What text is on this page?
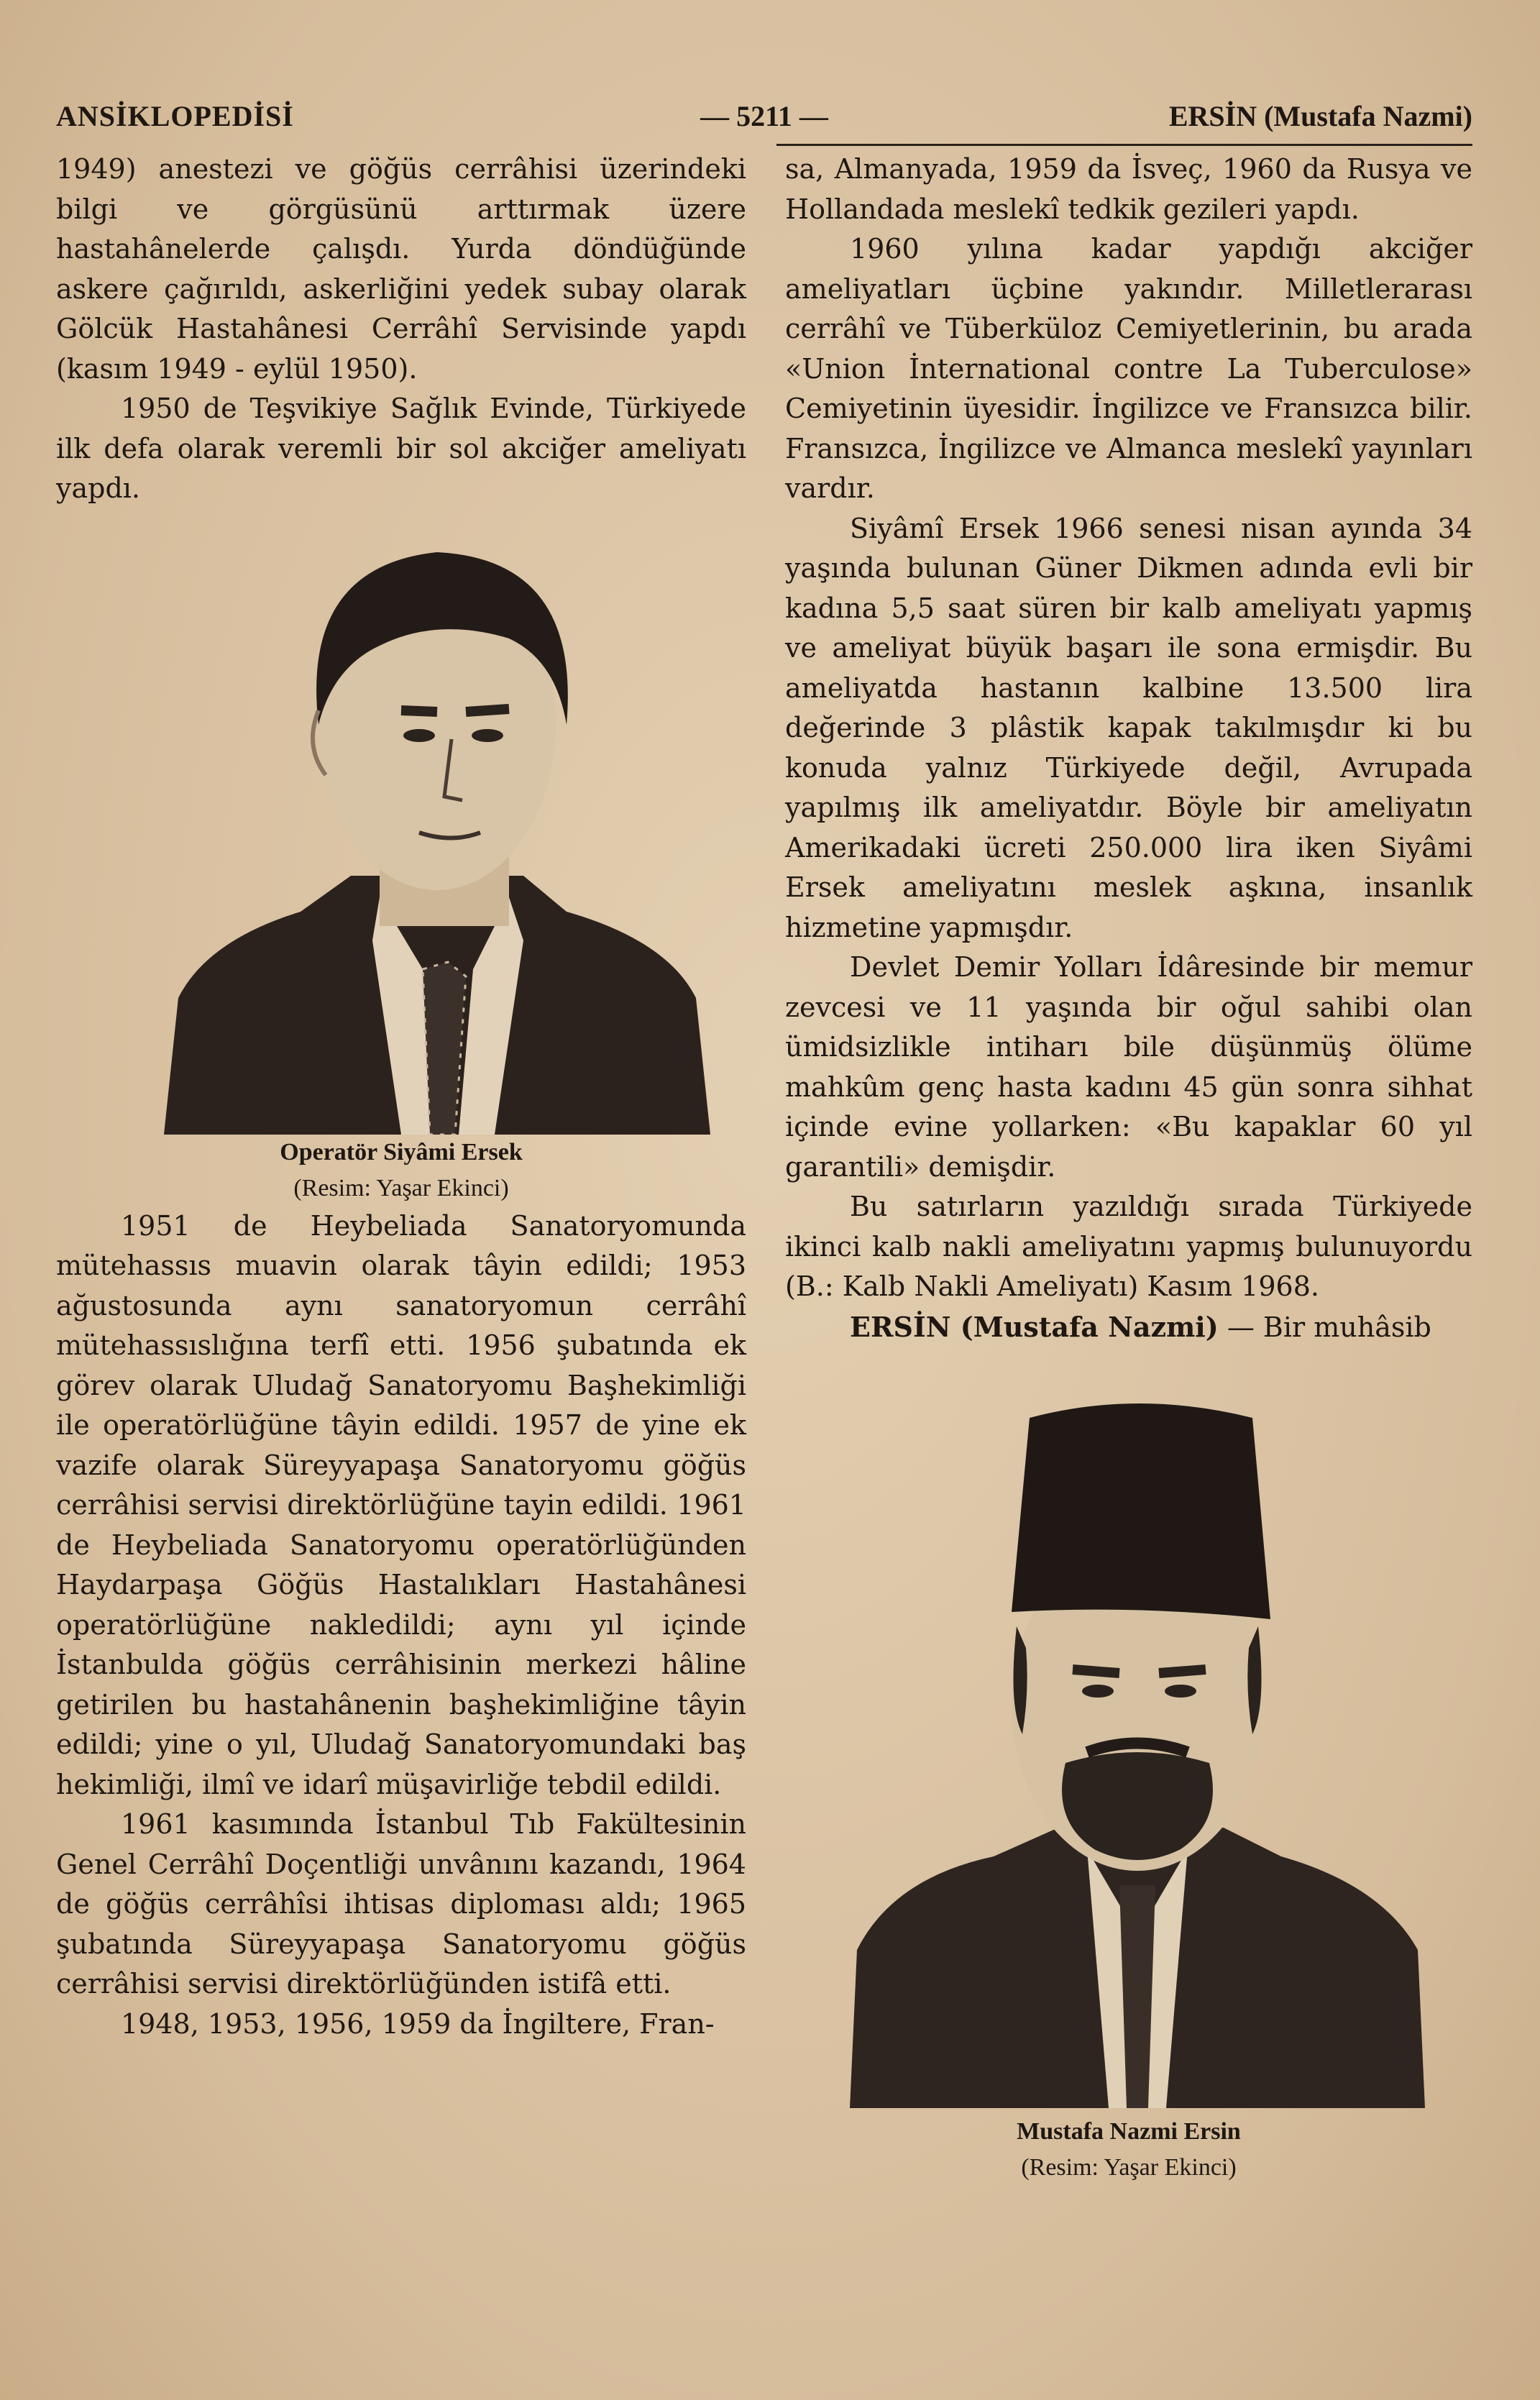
ANSİKLOPEDİSİ	— 5211 —	ERSİN (Mustafa Nazmi)

1949) anestezi ve göğüs cerrâhisi üzerindeki bilgi ve görgüsünü arttırmak üzere hastahânelerde çalışdı. Yurda döndüğünde askere çağırıldı, askerliğini yedek subay olarak Gölcük Hastahânesi Cerrâhî Servisinde yapdı (kasım 1949 - eylül 1950).

1950 de Teşvikiye Sağlık Evinde, Türkiyede ilk defa olarak veremli bir sol akciğer ameliyatı yapdı.

Operatör Siyâmi Ersek
(Resim: Yaşar Ekinci)

1951 de Heybeliada Sanatoryomunda mütehassıs muavin olarak tâyin edildi; 1953 ağustosunda aynı sanatoryomun cerrâhî mütehassıslığına terfî etti. 1956 şubatında ek görev olarak Uludağ Sanatoryomu Başhekimliği ile operatörlüğüne tâyin edildi. 1957 de yine ek vazife olarak Süreyyapaşa Sanatoryomu göğüs cerrâhisi servisi direktörlüğüne tayin edildi. 1961 de Heybeliada Sanatoryomu operatörlüğünden Haydarpaşa Göğüs Hastalıkları Hastahânesi operatörlüğüne nakledildi; aynı yıl içinde İstanbulda göğüs cerrâhisinin merkezi hâline getirilen bu hastahânenin başhekimliğine tâyin edildi; yine o yıl, Uludağ Sanatoryomundaki baş hekimliği, ilmî ve idarî müşavirliğe tebdil edildi.

1961 kasımında İstanbul Tıb Fakültesinin Genel Cerrâhî Doçentliği unvânını kazandı, 1964 de göğüs cerrâhîsi ihtisas diploması aldı; 1965 şubatında Süreyyapaşa Sanatoryomu göğüs cerrâhisi servisi direktörlüğünden istifâ etti.

1948, 1953, 1956, 1959 da İngiltere, Fran-

sa, Almanyada, 1959 da İsveç, 1960 da Rusya ve Hollandada meslekî tedkik gezileri yapdı.

1960 yılına kadar yapdığı akciğer ameliyatları üçbine yakındır. Milletlerarası cerrâhî ve Tüberküloz Cemiyetlerinin, bu arada «Union İnternational contre La Tuberculose» Cemiyetinin üyesidir. İngilizce ve Fransızca bilir. Fransızca, İngilizce ve Almanca meslekî yayınları vardır.

Siyâmî Ersek 1966 senesi nisan ayında 34 yaşında bulunan Güner Dikmen adında evli bir kadına 5,5 saat süren bir kalb ameliyatı yapmış ve ameliyat büyük başarı ile sona ermişdir. Bu ameliyatda hastanın kalbine 13.500 lira değerinde 3 plâstik kapak takılmışdır ki bu konuda yalnız Türkiyede değil, Avrupada yapılmış ilk ameliyatdır. Böyle bir ameliyatın Amerikadaki ücreti 250.000 lira iken Siyâmi Ersek ameliyatını meslek aşkına, insanlık hizmetine yapmışdır.

Devlet Demir Yolları İdâresinde bir memur zevcesi ve 11 yaşında bir oğul sahibi olan ümidsizlikle intiharı bile düşünmüş ölüme mahkûm genç hasta kadını 45 gün sonra sihhat içinde evine yollarken: «Bu kapaklar 60 yıl garantili» demişdir.

Bu satırların yazıldığı sırada Türkiyede ikinci kalb nakli ameliyatını yapmış bulunuyordu (B.: Kalb Nakli Ameliyatı) Kasım 1968.

ERSİN (Mustafa Nazmi) — Bir muhâsib

Mustafa Nazmi Ersin
(Resim: Yaşar Ekinci)
